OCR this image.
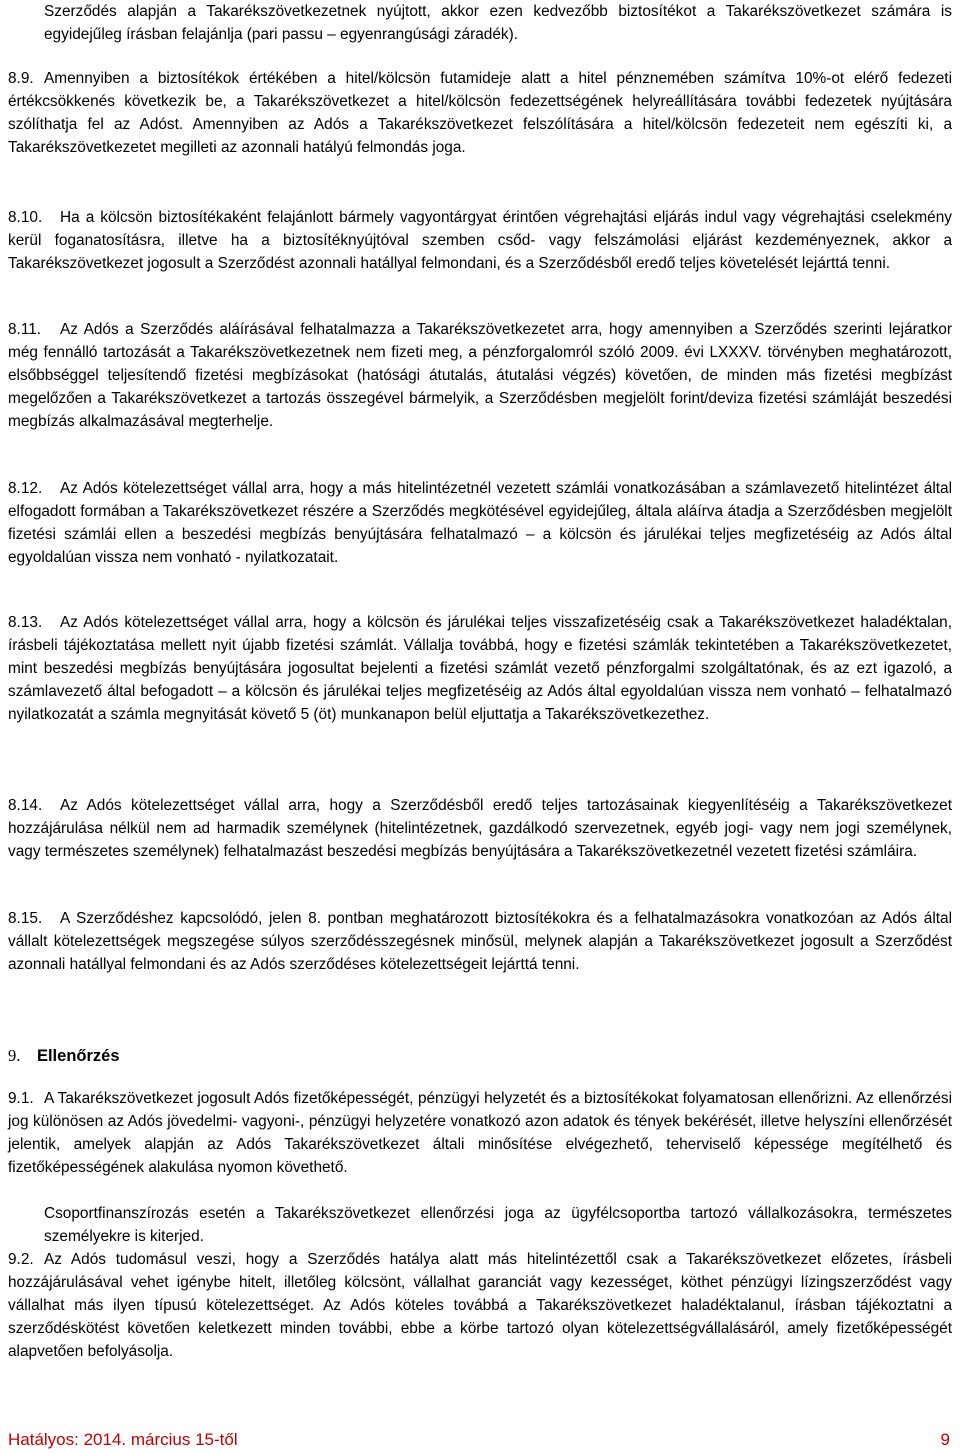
Szerződés alapján a Takarékszövetkezetnek nyújtott, akkor ezen kedvezőbb biztosítékot a Takarékszövetkezet számára is egyidejűleg írásban felajánlja (pari passu – egyenrangúsági záradék).
8.9. Amennyiben a biztosítékok értékében a hitel/kölcsön futamideje alatt a hitel pénznemében számítva 10%-ot elérő fedezeti értékcsökkenés következik be, a Takarékszövetkezet a hitel/kölcsön fedezettségének helyreállítására további fedezetek nyújtására szólíthatja fel az Adóst. Amennyiben az Adós a Takarékszövetkezet felszólítására a hitel/kölcsön fedezeteit nem egészíti ki, a Takarékszövetkezetet megilleti az azonnali hatályú felmondás joga.
8.10.	Ha a kölcsön biztosítékaként felajánlott bármely vagyontárgyat érintően végrehajtási eljárás indul vagy végrehajtási cselekmény kerül foganatosításra, illetve ha a biztosítéknyújtóval szemben csőd- vagy felszámolási eljárást kezdeményeznek, akkor a Takarékszövetkezet jogosult a Szerződést azonnali hatállyal felmondani, és a Szerződésből eredő teljes követelését lejárttá tenni.
8.11.	Az Adós a Szerződés aláírásával felhatalmazza a Takarékszövetkezetet arra, hogy amennyiben a Szerződés szerinti lejáratkor még fennálló tartozását a Takarékszövetkezetnek nem fizeti meg, a pénzforgalomról szóló 2009. évi LXXXV. törvényben meghatározott, elsőbbséggel teljesítendő fizetési megbízásokat (hatósági átutalás, átutalási végzés) követően, de minden más fizetési megbízást megelőzően a Takarékszövetkezet a tartozás összegével bármelyik, a Szerződésben megjelölt forint/deviza fizetési számláját beszedési megbízás alkalmazásával megterhelje.
8.12.	Az Adós kötelezettséget vállal arra, hogy a más hitelintézetnél vezetett számlái vonatkozásában a számlavezető hitelintézet által elfogadott formában a Takarékszövetkezet részére a Szerződés megkötésével egyidejűleg, általa aláírva átadja a Szerződésben megjelölt fizetési számlái ellen a beszedési megbízás benyújtására felhatalmazó – a kölcsön és járulékai teljes megfizetéséig az Adós által egyoldalúan vissza nem vonható - nyilatkozatait.
8.13.	Az Adós kötelezettséget vállal arra, hogy a kölcsön és járulékai teljes visszafizetéséig csak a Takarékszövetkezet haladéktalan, írásbeli tájékoztatása mellett nyit újabb fizetési számlát. Vállalja továbbá, hogy e fizetési számlák tekintetében a Takarékszövetkezetet, mint beszedési megbízás benyújtására jogosultat bejelenti a fizetési számlát vezető pénzforgalmi szolgáltatónak, és az ezt igazoló, a számlavezető által befogadott – a kölcsön és járulékai teljes megfizetéséig az Adós által egyoldalúan vissza nem vonható – felhatalmazó nyilatkozatát a számla megnyitását követő 5 (öt) munkanapon belül eljuttatja a Takarékszövetkezethez.
8.14.	Az Adós kötelezettséget vállal arra, hogy a Szerződésből eredő teljes tartozásainak kiegyenlítéséig a Takarékszövetkezet hozzájárulása nélkül nem ad harmadik személynek (hitelintézetnek, gazdálkodó szervezetnek, egyéb jogi- vagy nem jogi személynek, vagy természetes személynek) felhatalmazást beszedési megbízás benyújtására a Takarékszövetkezetnél vezetett fizetési számláira.
8.15.	A Szerződéshez kapcsolódó, jelen 8. pontban meghatározott biztosítékokra és a felhatalmazásokra vonatkozóan az Adós által vállalt kötelezettségek megszegése súlyos szerződésszegésnek minősül, melynek alapján a Takarékszövetkezet jogosult a Szerződést azonnali hatállyal felmondani és az Adós szerződéses kötelezettségeit lejárttá tenni.
9. Ellenőrzés
9.1. A Takarékszövetkezet jogosult Adós fizetőképességét, pénzügyi helyzetét és a biztosítékokat folyamatosan ellenőrizni. Az ellenőrzési jog különösen az Adós jövedelmi- vagyoni-, pénzügyi helyzetére vonatkozó azon adatok és tények bekérését, illetve helyszíni ellenőrzését jelentik, amelyek alapján az Adós Takarékszövetkezet általi minősítése elvégezhető, teherviselő képessége megítélhető és fizetőképességének alakulása nyomon követhető.
Csoportfinanszírozás esetén a Takarékszövetkezet ellenőrzési joga az ügyfélcsoportba tartozó vállalkozásokra, természetes személyekre is kiterjed.
9.2. Az Adós tudomásul veszi, hogy a Szerződés hatálya alatt más hitelintézettől csak a Takarékszövetkezet előzetes, írásbeli hozzájárulásával vehet igénybe hitelt, illetőleg kölcsönt, vállalhat garanciát vagy kezességet, köthet pénzügyi lízingszerződést vagy vállalhat más ilyen típusú kötelezettséget. Az Adós köteles továbbá a Takarékszövetkezet haladéktalanul, írásban tájékoztatni a szerződéskötést követően keletkezett minden további, ebbe a körbe tartozó olyan kötelezettségvállalásáról, amely fizetőképességét alapvetően befolyásolja.
Hatályos: 2014. március 15-től	9
